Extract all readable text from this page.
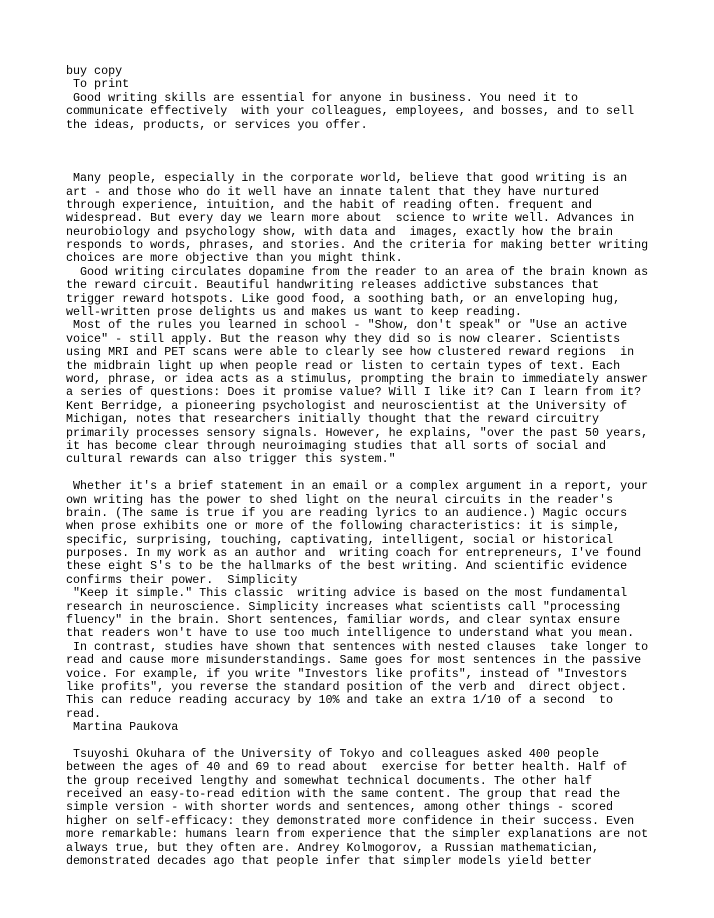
buy copy
To print
Good writing skills are essential for anyone in business. You need it to
communicate effectively  with your colleagues, employees, and bosses, and to sell
the ideas, products, or services you offer.
Many people, especially in the corporate world, believe that good writing is an
art - and those who do it well have an innate talent that they have nurtured
through experience, intuition, and the habit of reading often. frequent and
widespread. But every day we learn more about  science to write well. Advances in
neurobiology and psychology show, with data and  images, exactly how the brain
responds to words, phrases, and stories. And the criteria for making better writing
choices are more objective than you might think.
Good writing circulates dopamine from the reader to an area of the brain known as
the reward circuit. Beautiful handwriting releases addictive substances that
trigger reward hotspots. Like good food, a soothing bath, or an enveloping hug,
well-written prose delights us and makes us want to keep reading.
Most of the rules you learned in school - "Show, don't speak" or "Use an active
voice" - still apply. But the reason why they did so is now clearer. Scientists
using MRI and PET scans were able to clearly see how clustered reward regions  in
the midbrain light up when people read or listen to certain types of text. Each
word, phrase, or idea acts as a stimulus, prompting the brain to immediately answer
a series of questions: Does it promise value? Will I like it? Can I learn from it?
Kent Berridge, a pioneering psychologist and neuroscientist at the University of
Michigan, notes that researchers initially thought that the reward circuitry
primarily processes sensory signals. However, he explains, "over the past 50 years,
it has become clear through neuroimaging studies that all sorts of social and
cultural rewards can also trigger this system."
Whether it's a brief statement in an email or a complex argument in a report, your
own writing has the power to shed light on the neural circuits in the reader's
brain. (The same is true if you are reading lyrics to an audience.) Magic occurs
when prose exhibits one or more of the following characteristics: it is simple,
specific, surprising, touching, captivating, intelligent, social or historical
purposes. In my work as an author and  writing coach for entrepreneurs, I've found
these eight S's to be the hallmarks of the best writing. And scientific evidence
confirms their power.  Simplicity
"Keep it simple." This classic  writing advice is based on the most fundamental
research in neuroscience. Simplicity increases what scientists call "processing
fluency" in the brain. Short sentences, familiar words, and clear syntax ensure
that readers won't have to use too much intelligence to understand what you mean.
In contrast, studies have shown that sentences with nested clauses  take longer to
read and cause more misunderstandings. Same goes for most sentences in the passive
voice. For example, if you write "Investors like profits", instead of "Investors
like profits", you reverse the standard position of the verb and  direct object.
This can reduce reading accuracy by 10% and take an extra 1/10 of a second  to
read.
Martina Paukova
Tsuyoshi Okuhara of the University of Tokyo and colleagues asked 400 people
between the ages of 40 and 69 to read about  exercise for better health. Half of
the group received lengthy and somewhat technical documents. The other half
received an easy-to-read edition with the same content. The group that read the
simple version - with shorter words and sentences, among other things - scored
higher on self-efficacy: they demonstrated more confidence in their success. Even
more remarkable: humans learn from experience that the simpler explanations are not
always true, but they often are. Andrey Kolmogorov, a Russian mathematician,
demonstrated decades ago that people infer that simpler models yield better
